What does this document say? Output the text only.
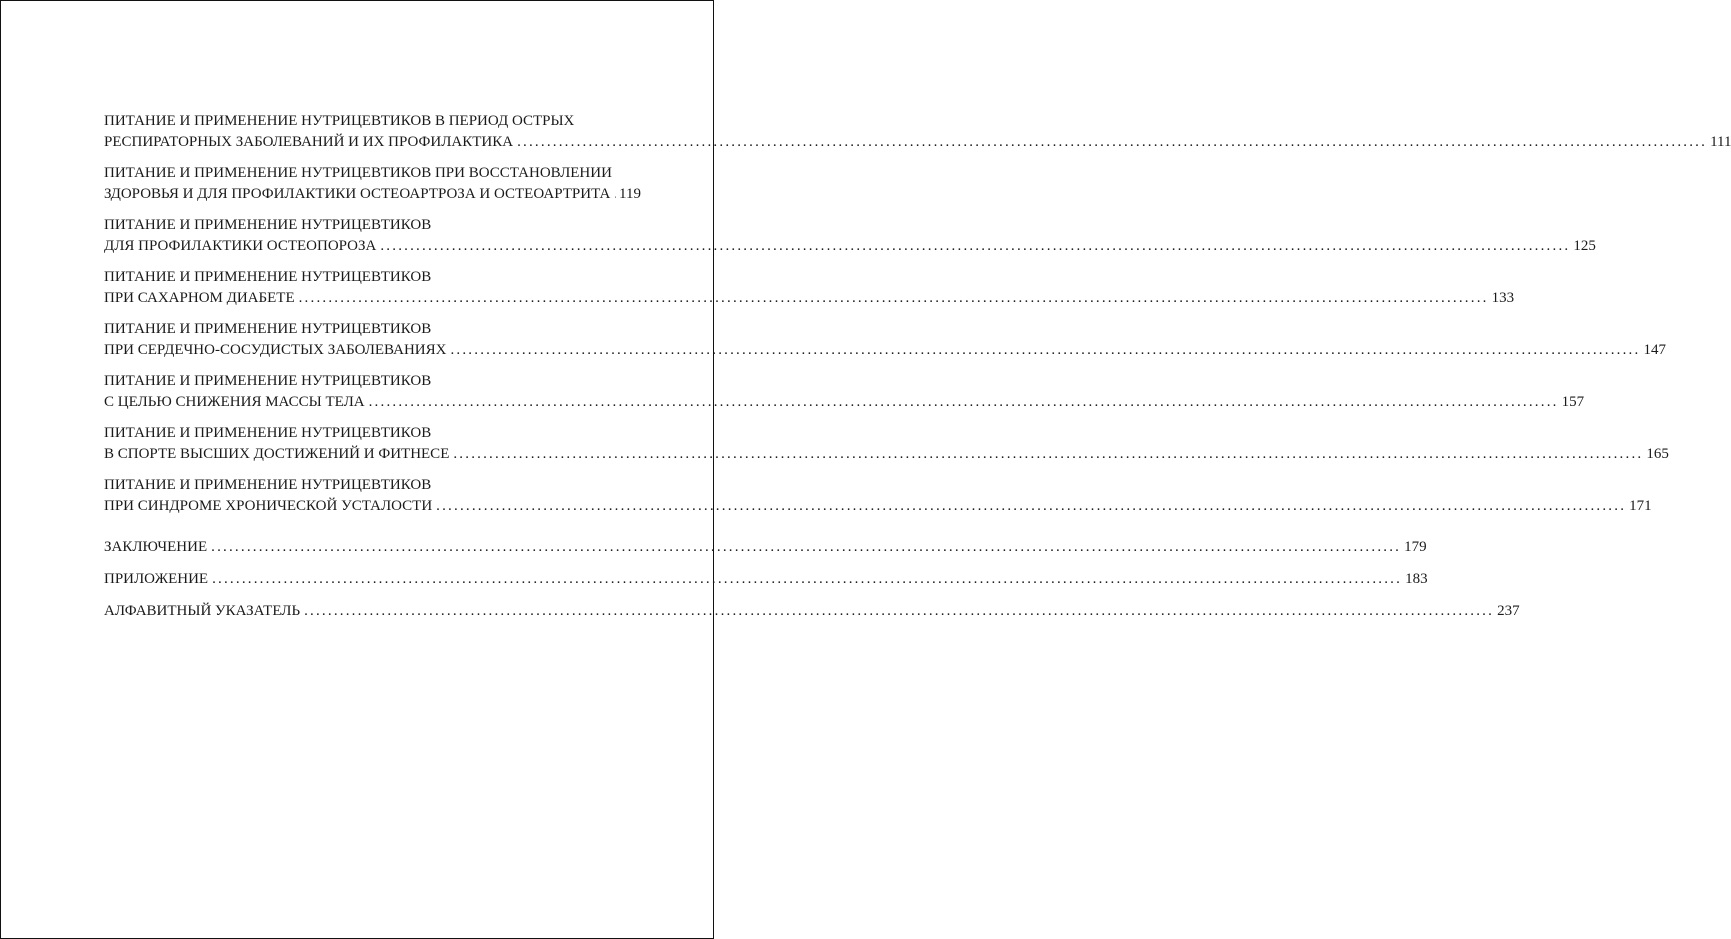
ПИТАНИЕ И ПРИМЕНЕНИЕ НУТРИЦЕВТИКОВ В ПЕРИОД ОСТРЫХ
РЕСПИРАТОРНЫХ ЗАБОЛЕВАНИЙ И ИХ ПРОФИЛАКТИКА ........................................................................................................................................................................................................ 111
ПИТАНИЕ И ПРИМЕНЕНИЕ НУТРИЦЕВТИКОВ ПРИ ВОССТАНОВЛЕНИИ
ЗДОРОВЬЯ И ДЛЯ ПРОФИЛАКТИКИ ОСТЕОАРТРОЗА И ОСТЕОАРТРИТА 119
ПИТАНИЕ И ПРИМЕНЕНИЕ НУТРИЦЕВТИКОВ
ДЛЯ ПРОФИЛАКТИКИ ОСТЕОПОРОЗА ........................................................................................................................................................................................................ 125
ПИТАНИЕ И ПРИМЕНЕНИЕ НУТРИЦЕВТИКОВ
ПРИ САХАРНОМ ДИАБЕТЕ ........................................................................................................................................................................................................ 133
ПИТАНИЕ И ПРИМЕНЕНИЕ НУТРИЦЕВТИКОВ
ПРИ СЕРДЕЧНО-СОСУДИСТЫХ ЗАБОЛЕВАНИЯХ ........................................................................................................................................................................................................ 147
ПИТАНИЕ И ПРИМЕНЕНИЕ НУТРИЦЕВТИКОВ
С ЦЕЛЬЮ СНИЖЕНИЯ МАССЫ ТЕЛА ........................................................................................................................................................................................................ 157
ПИТАНИЕ И ПРИМЕНЕНИЕ НУТРИЦЕВТИКОВ
В СПОРТЕ ВЫСШИХ ДОСТИЖЕНИЙ И ФИТНЕСЕ ........................................................................................................................................................................................................ 165
ПИТАНИЕ И ПРИМЕНЕНИЕ НУТРИЦЕВТИКОВ
ПРИ СИНДРОМЕ ХРОНИЧЕСКОЙ УСТАЛОСТИ ........................................................................................................................................................................................................ 171
ЗАКЛЮЧЕНИЕ ........................................................................................................................................................................................................ 179
ПРИЛОЖЕНИЕ ........................................................................................................................................................................................................ 183
АЛФАВИТНЫЙ УКАЗАТЕЛЬ ........................................................................................................................................................................................................ 237
